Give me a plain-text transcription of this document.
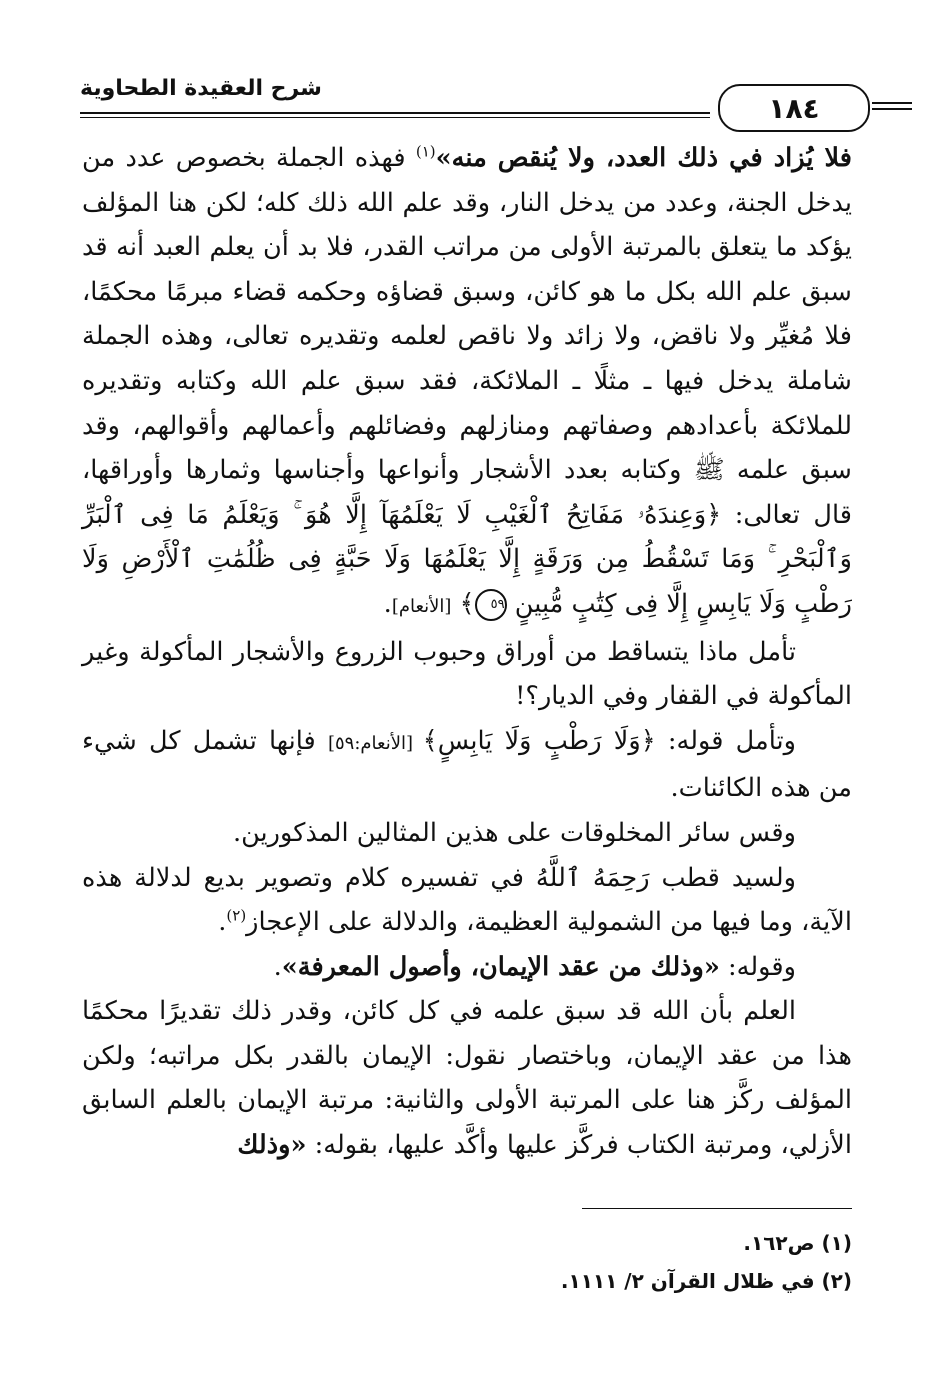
شرح العقيدة الطحاوية
١٨٤

فلا يُزاد في ذلك العدد، ولا يُنقص منه»$^{(١)}$ فهذه الجملة بخصوص عدد من يدخل الجنة، وعدد من يدخل النار، وقد علم الله ذلك كله؛ لكن هنا المؤلف يؤكد ما يتعلق بالمرتبة الأولى من مراتب القدر، فلا بد أن يعلم العبد أنه قد سبق علم الله بكل ما هو كائن، وسبق قضاؤه وحكمه قضاء مبرمًا محكمًا، فلا مُغيِّر ولا ناقض، ولا زائد ولا ناقص لعلمه وتقديره تعالى، وهذه الجملة شاملة يدخل فيها ـ مثلًا ـ الملائكة، فقد سبق علم الله وكتابه وتقديره للملائكة بأعدادهم وصفاتهم ومنازلهم وفضائلهم وأعمالهم وأقوالهم، وقد سبق علمه ﷺ وكتابه بعدد الأشجار وأنواعها وأجناسها وثمارها وأوراقها، قال تعالى: ﴿وَعِندَهُۥ مَفَاتِحُ ٱلْغَيْبِ لَا يَعْلَمُهَآ إِلَّا هُوَ ۚ وَيَعْلَمُ مَا فِى ٱلْبَرِّ وَٱلْبَحْرِ ۚ وَمَا تَسْقُطُ مِن وَرَقَةٍ إِلَّا يَعْلَمُهَا وَلَا حَبَّةٍ فِى ظُلُمَٰتِ ٱلْأَرْضِ وَلَا رَطْبٍ وَلَا يَابِسٍ إِلَّا فِى كِتَٰبٍ مُّبِينٍ ٥٩﴾ [الأنعام].

تأمل ماذا يتساقط من أوراق وحبوب الزروع والأشجار المأكولة وغير المأكولة في القفار وفي الديار؟!

وتأمل قوله: ﴿وَلَا رَطْبٍ وَلَا يَابِسٍ﴾ [الأنعام:٥٩] فإنها تشمل كل شيء من هذه الكائنات.

وقس سائر المخلوقات على هذين المثالين المذكورين.

ولسيد قطب رَحِمَهُ ٱللَّهُ في تفسيره كلام وتصوير بديع لدلالة هذه الآية، وما فيها من الشمولية العظيمة، والدلالة على الإعجاز$^{(٢)}$.

وقوله: «وذلك من عقد الإيمان، وأصول المعرفة».

العلم بأن الله قد سبق علمه في كل كائن، وقدر ذلك تقديرًا محكمًا هذا من عقد الإيمان، وباختصار نقول: الإيمان بالقدر بكل مراتبه؛ ولكن المؤلف ركَّز هنا على المرتبة الأولى والثانية: مرتبة الإيمان بالعلم السابق الأزلي، ومرتبة الكتاب فركَّز عليها وأكَّد عليها، بقوله: «وذلك

(١) ص١٦٢.

(٢) في ظلال القرآن ٢/ ١١١١.
